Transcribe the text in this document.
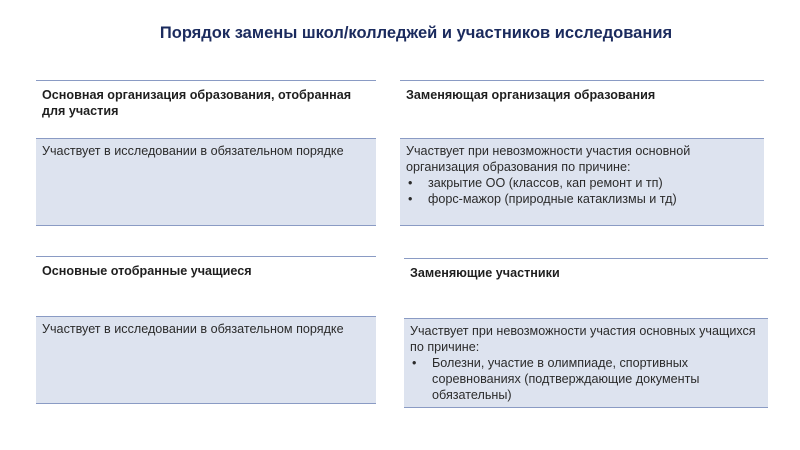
Порядок замены школ/колледжей и участников исследования
Основная организация образования, отобранная для участия
Участвует в исследовании в обязательном порядке
Заменяющая организация образования
Участвует при невозможности участия основной организация образования по причине:
• закрытие ОО (классов, кап ремонт и тп)
• форс-мажор (природные катаклизмы и тд)
Основные отобранные учащиеся
Участвует в исследовании в обязательном порядке
Заменяющие участники
Участвует при невозможности участия основных учащихся по причине:
• Болезни, участие в олимпиаде, спортивных соревнованиях (подтверждающие документы обязательны)
